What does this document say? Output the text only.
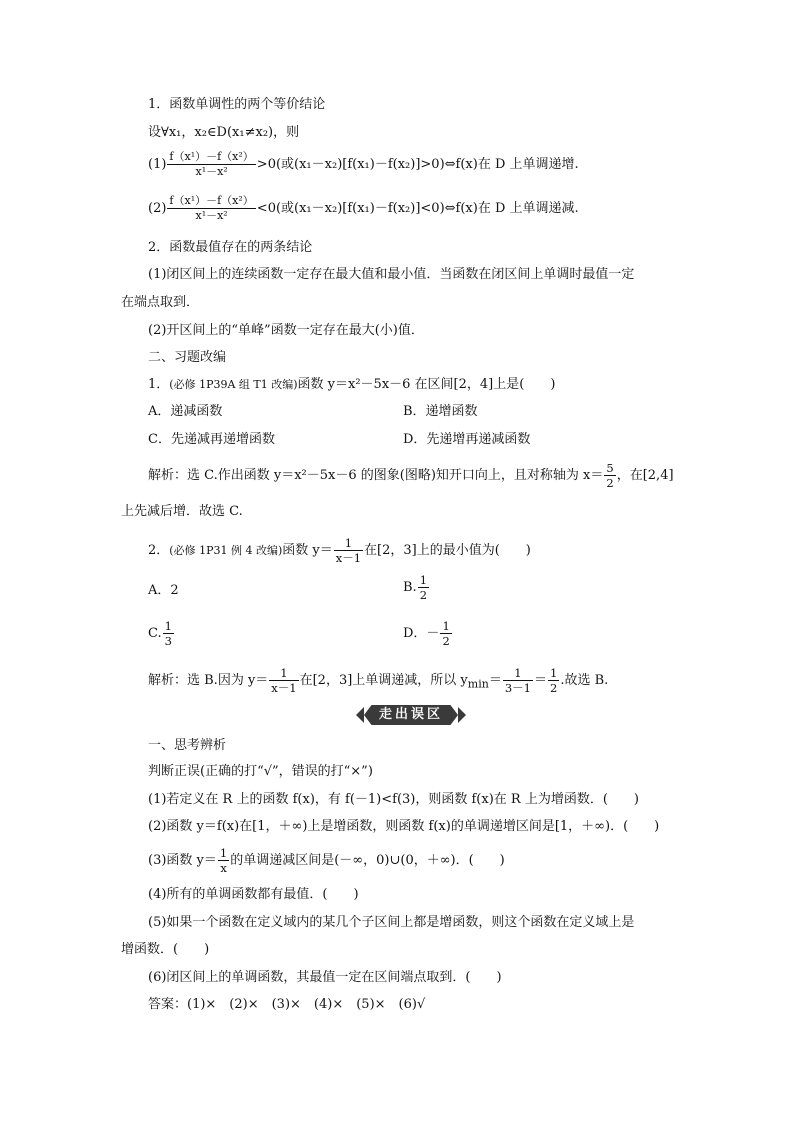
1．函数单调性的两个等价结论
设∀x₁，x₂∈D(x₁≠x₂)，则
$(1) \frac{\text{f（x¹）－f（x²）}}{\text{x¹－x²}} >0$(或(x₁－x₂)[f(x₁)－f(x₂)]>0)⇔f(x)在 D 上单调递增.
$(2) \frac{\text{f（x¹）－f（x²）}}{\text{x¹－x²}} <0$(或(x₁－x₂)[f(x₁)－f(x₂)]<0)⇔f(x)在 D 上单调递减.
2．函数最值存在的两条结论
(1)闭区间上的连续函数一定存在最大值和最小值．当函数在闭区间上单调时最值一定
在端点取到．
(2)开区间上的“单峰”函数一定存在最大(小)值．
二、习题改编
1．(必修 1P39A 组 T1 改编)函数 y＝x²－5x－6 在区间[2，4]上是(　　)
A．递减函数	B．递增函数
C．先递减再递增函数	D．先递增再递减函数
解析：选 C.作出函数 y＝x²－5x－6 的图象(图略)知开口向上，且对称轴为 $x= \frac{5}{2}$ ，在[2,4]
上先减后增．故选 C.
2．(必修 1P31 例 4 改编)函数 $y= \frac{1}{x-1}$ 在[2，3]上的最小值为(　　)
A．2	B. $\frac{1}{2}$
C. $\frac{1}{3}$	D．－ $\frac{1}{2}$
解析：选 B.因为 $y= \frac{1}{x-1}$ 在[2，3]上单调递减，所以 $y_{min}= \frac{1}{3-1} = \frac{1}{2}$ .故选 B.
走出误区
一、思考辨析
判断正误(正确的打“√”，错误的打“×”)
(1)若定义在 R 上的函数 f(x)，有 f(－1)<f(3)，则函数 f(x)在 R 上为增函数．(　　)
(2)函数 y＝f(x)在[1，＋∞)上是增函数，则函数 f(x)的单调递增区间是[1，＋∞)．(　　)
(3)函数 $y= \frac{1}{x}$ 的单调递减区间是(－∞，0)∪(0，＋∞)．(　　)
(4)所有的单调函数都有最值．(　　)
(5)如果一个函数在定义域内的某几个子区间上都是增函数，则这个函数在定义域上是
增函数．(　　)
(6)闭区间上的单调函数，其最值一定在区间端点取到．(　　)
答案：(1)×　(2)×　(3)×　(4)×　(5)×　(6)√
